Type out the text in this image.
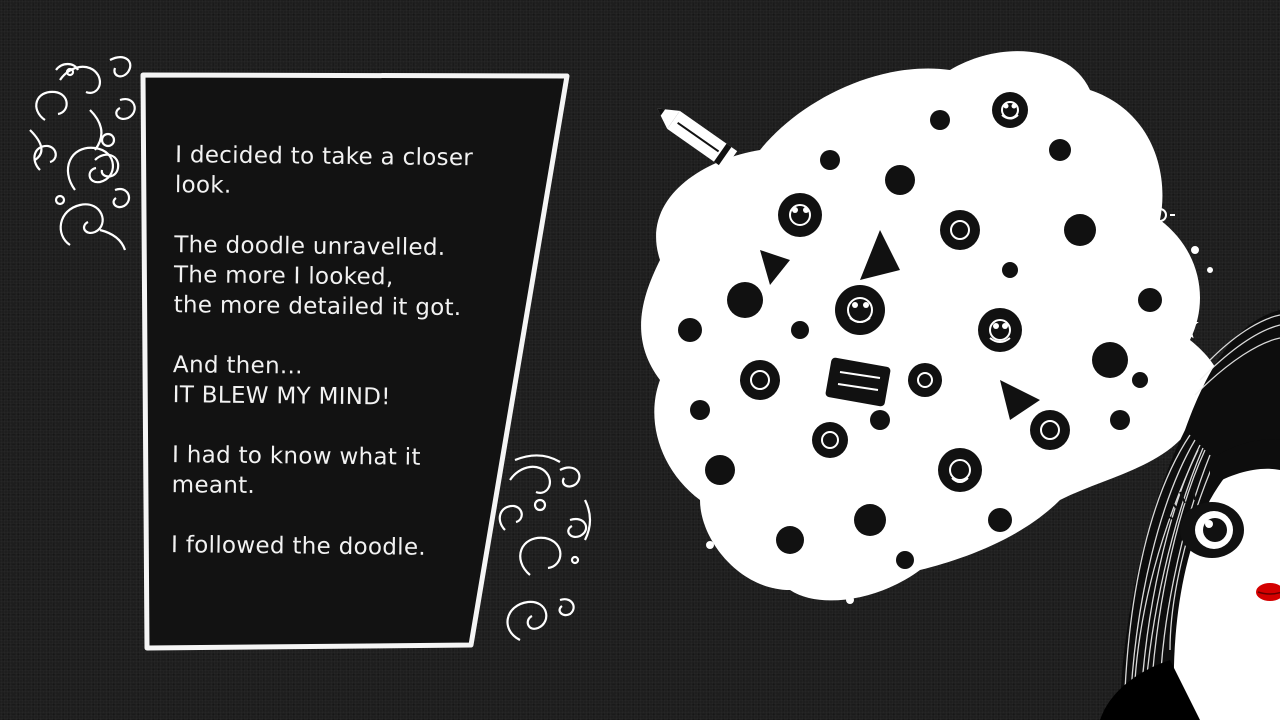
I decided to take a closer
look.

The doodle unravelled.
The more I looked,
the more detailed it got.

And then...
IT BLEW MY MIND!

I had to know what it
meant.

I followed the doodle.
